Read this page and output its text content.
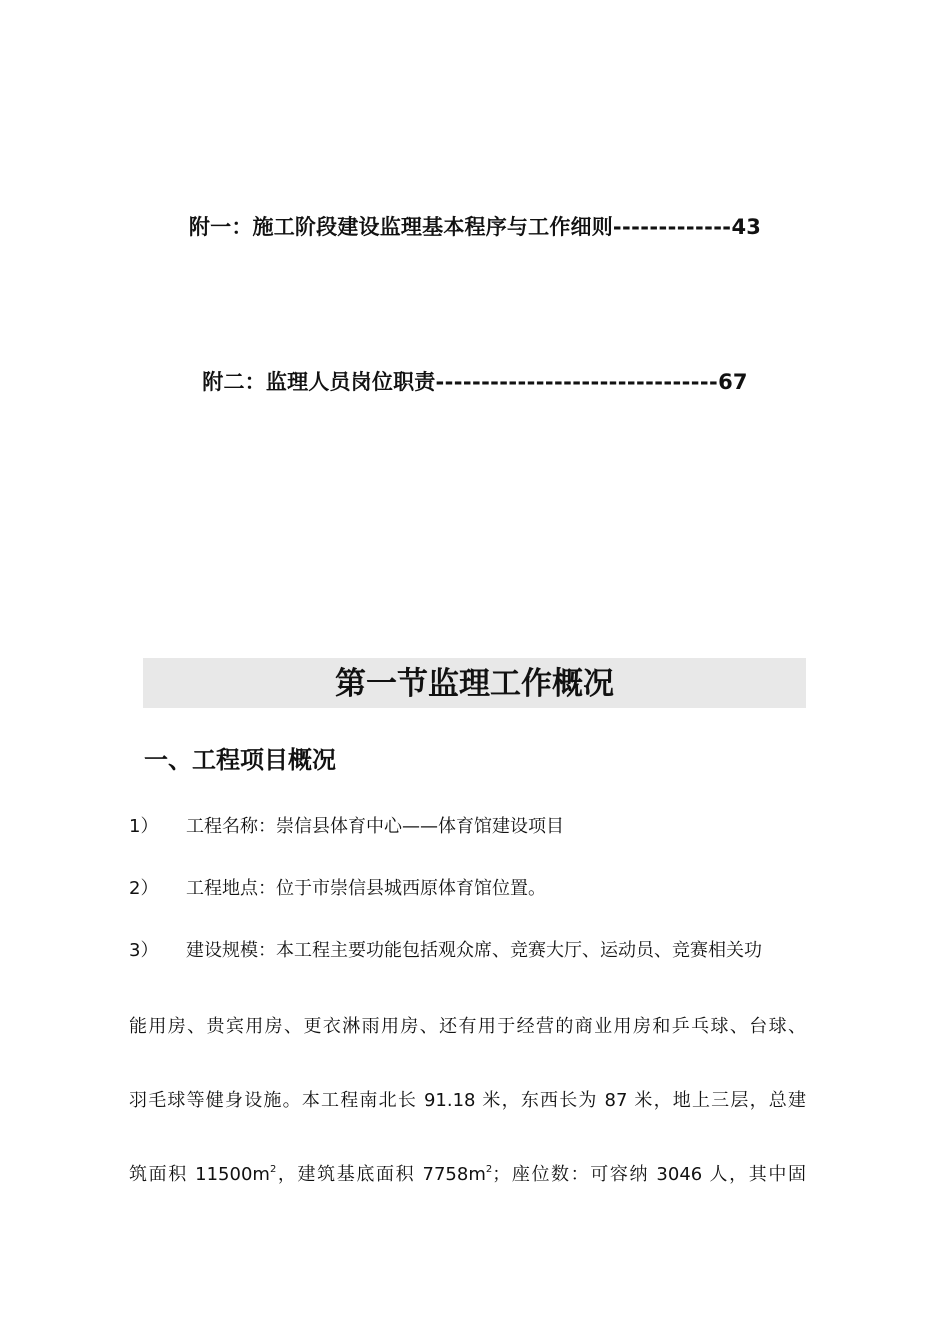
附一：施工阶段建设监理基本程序与工作细则-------------43
附二：监理人员岗位职责-------------------------------67
第一节监理工作概况
一、工程项目概况
1） 工程名称：崇信县体育中心——体育馆建设项目
2） 工程地点：位于市崇信县城西原体育馆位置。
3） 建设规模：本工程主要功能包括观众席、竞赛大厅、运动员、竞赛相关功
能用房、贵宾用房、更衣淋雨用房、还有用于经营的商业用房和乒乓球、台球、
羽毛球等健身设施。本工程南北长 91.18 米，东西长为 87 米，地上三层，总建
筑面积 $11500m^2$，建筑基底面积 $7758m^2$；座位数：可容纳 3046 人，其中固
